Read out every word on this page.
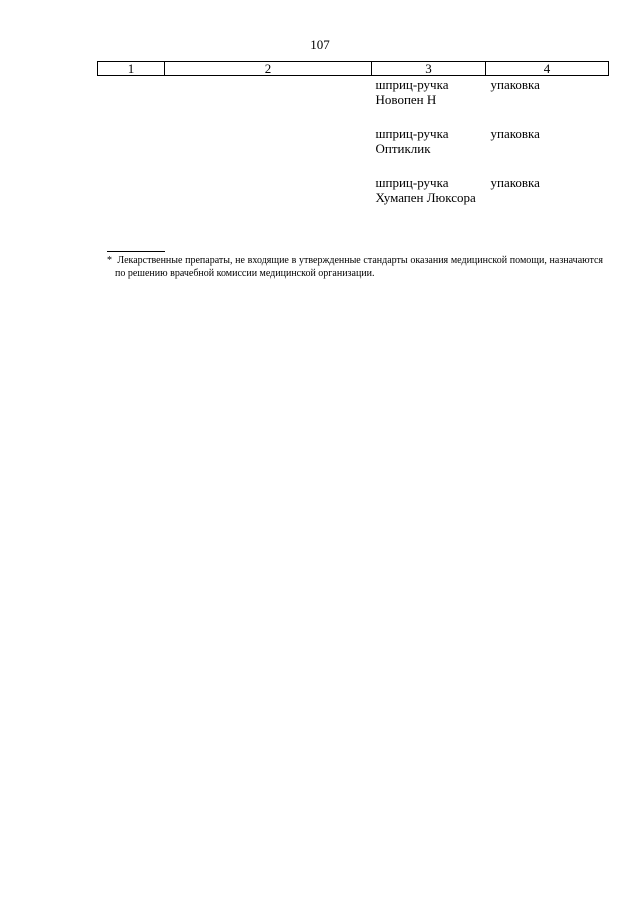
107
1	2	3	4
		шприц-ручка Новопен Н	упаковка
		шприц-ручка Оптиклик	упаковка
		шприц-ручка Хумапен Люксора	упаковка
* Лекарственные препараты, не входящие в утвержденные стандарты оказания медицинской помощи, назначаются по решению врачебной комиссии медицинской организации.
